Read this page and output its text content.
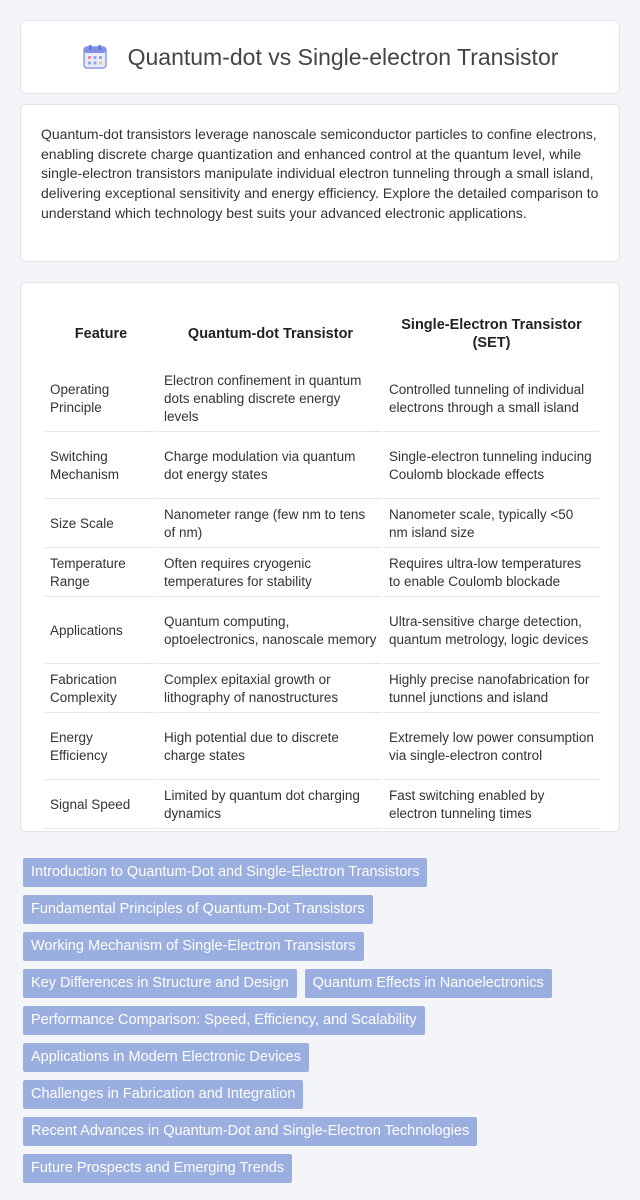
Quantum-dot vs Single-electron Transistor

Quantum-dot transistors leverage nanoscale semiconductor particles to confine electrons, enabling discrete charge quantization and enhanced control at the quantum level, while single-electron transistors manipulate individual electron tunneling through a small island, delivering exceptional sensitivity and energy efficiency. Explore the detailed comparison to understand which technology best suits your advanced electronic applications.

Feature	Quantum-dot Transistor	Single-Electron Transistor (SET)
Operating Principle	Electron confinement in quantum dots enabling discrete energy levels	Controlled tunneling of individual electrons through a small island
Switching Mechanism	Charge modulation via quantum dot energy states	Single-electron tunneling inducing Coulomb blockade effects
Size Scale	Nanometer range (few nm to tens of nm)	Nanometer scale, typically <50 nm island size
Temperature Range	Often requires cryogenic temperatures for stability	Requires ultra-low temperatures to enable Coulomb blockade
Applications	Quantum computing, optoelectronics, nanoscale memory	Ultra-sensitive charge detection, quantum metrology, logic devices
Fabrication Complexity	Complex epitaxial growth or lithography of nanostructures	Highly precise nanofabrication for tunnel junctions and island
Energy Efficiency	High potential due to discrete charge states	Extremely low power consumption via single-electron control
Signal Speed	Limited by quantum dot charging dynamics	Fast switching enabled by electron tunneling times
Introduction to Quantum-Dot and Single-Electron Transistors
Fundamental Principles of Quantum-Dot Transistors
Working Mechanism of Single-Electron Transistors
Key Differences in Structure and Design	Quantum Effects in Nanoelectronics
Performance Comparison: Speed, Efficiency, and Scalability
Applications in Modern Electronic Devices
Challenges in Fabrication and Integration
Recent Advances in Quantum-Dot and Single-Electron Technologies
Future Prospects and Emerging Trends
